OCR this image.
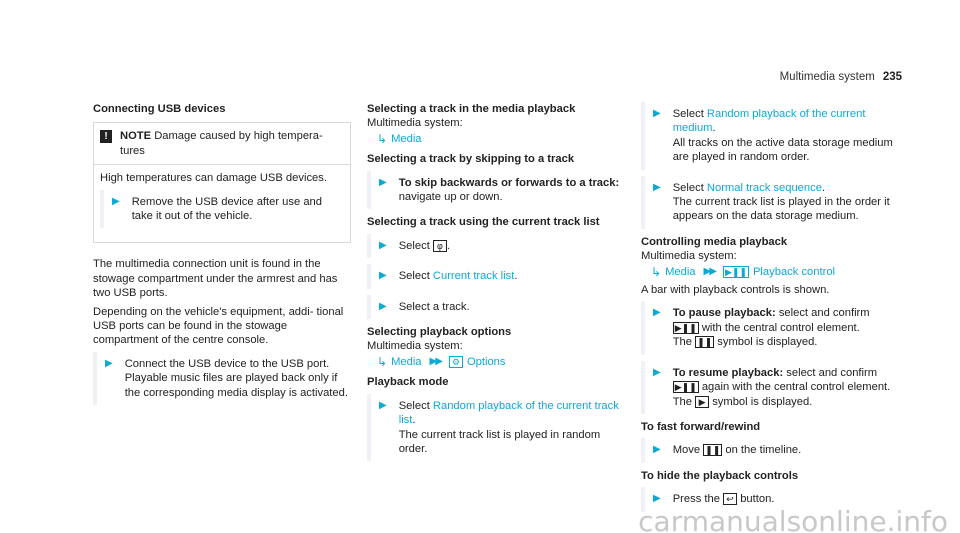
Multimedia system 235
Connecting USB devices
!	NOTE Damage caused by high tempera- tures

High temperatures can damage USB devices.

▶ Remove the USB device after use and take it out of the vehicle.

The multimedia connection unit is found in the stowage compartment under the armrest and has two USB ports.

Depending on the vehicle's equipment, addi- tional USB ports can be found in the stowage compartment of the centre console.

▶ Connect the USB device to the USB port. Playable music files are played back only if the corresponding media display is activated.
Selecting a track in the media playback

Multimedia system:

↳ Media
Selecting a track by skipping to a track
▶ To skip backwards or forwards to a track: navigate up or down.
Selecting a track using the current track list
▶ Select φ .
▶ Select Current track list.
▶ Select a track.
Selecting playback options

Multimedia system:

↳ Media ▶▶	⚙ Options
Playback mode
▶ Select Random playback of the current track list.
The current track list is played in random order.
▶ Select Random playback of the current medium.
All tracks on the active data storage medium are played in random order.
▶ Select Normal track sequence.
The current track list is played in the order it appears on the data storage medium.
Controlling media playback

Multimedia system:

↳ Media ▶▶ ▶❚❚ Playback control

A bar with playback controls is shown.

▶ To pause playback: select and confirm
▶❚❚ with the central control element.
The ❚❚ symbol is displayed.
▶ To resume playback: select and confirm
▶❚❚ again with the central control element.
The ▶ symbol is displayed.
To fast forward/rewind
▶ Move ❚❚ on the timeline.
To hide the playback controls
▶ Press the ↩ button.
carmanualsonline.info
